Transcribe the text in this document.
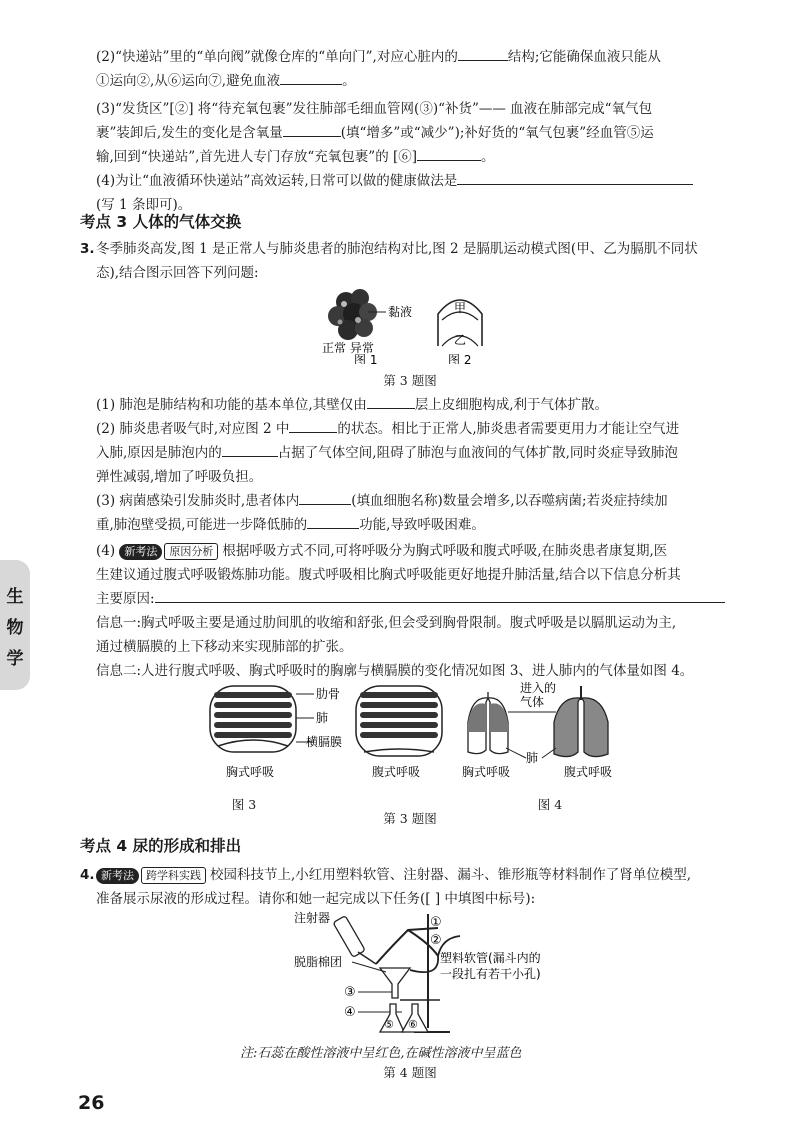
(2)“快递站”里的“单向阀”就像仓库的“单向门”,对应心脏内的	结构;它能确保血液只能从
①运向②,从⑥运向⑦,避免血液	。
(3)“发货区”[②] 将“待充氧包裹”发往肺部毛细血管网(③)“补货”—— 血液在肺部完成“氧气包
裹”装卸后,发生的变化是含氧量	(填“增多”或“减少”);补好货的“氧气包裹”经血管⑤运
输,回到“快递站”,首先进人专门存放“充氧包裹”的 [⑥]	。
(4)为让“血液循环快递站”高效运转,日常可以做的健康做法是
(写 1 条即可)。
考点 3 人体的气体交换
3. 冬季肺炎高发,图 1 是正常人与肺炎患者的肺泡结构对比,图 2 是膈肌运动模式图(甲、乙为膈肌不同状
态),结合图示回答下列问题:
黏液
正常 异常
图 1
甲
乙
图 2
第 3 题图
(1) 肺泡是肺结构和功能的基本单位,其壁仅由	层上皮细胞构成,利于气体扩散。
(2) 肺炎患者吸气时,对应图 2 中	的状态。相比于正常人,肺炎患者需要更用力才能让空气进
入肺,原因是肺泡内的	占据了气体空间,阻碍了肺泡与血液间的气体扩散,同时炎症导致肺泡
弹性减弱,增加了呼吸负担。
(3) 病菌感染引发肺炎时,患者体内	(填血细胞名称)数量会增多,以吞噬病菌;若炎症持续加
重,肺泡壁受损,可能进一步降低肺的	功能,导致呼吸困难。
(4) 新考法 原因分析 根据呼吸方式不同,可将呼吸分为胸式呼吸和腹式呼吸,在肺炎患者康复期,医
生建议通过腹式呼吸锻炼肺功能。腹式呼吸相比胸式呼吸能更好地提升肺活量,结合以下信息分析其
主要原因:
信息一:胸式呼吸主要是通过肋间肌的收缩和舒张,但会受到胸骨限制。腹式呼吸是以膈肌运动为主,
通过横膈膜的上下移动来实现肺部的扩张。
信息二:人进行腹式呼吸、胸式呼吸时的胸廓与横膈膜的变化情况如图 3、进人肺内的气体量如图 4。
肋骨
肺
横膈膜
胸式呼吸	腹式呼吸
进入的
气体
肺
胸式呼吸	腹式呼吸
图 3	图 4
第 3 题图
考点 4 尿的形成和排出
4. 新考法 跨学科实践 校园科技节上,小红用塑料软管、注射器、漏斗、锥形瓶等材料制作了肾单位模型,
准备展示尿液的形成过程。请你和她一起完成以下任务([ ] 中填图中标号):
注射器
脱脂棉团
③
④
⑤ ⑥
①
②
塑料软管(漏斗内的
一段扎有若干小孔)
注:石蕊在酸性溶液中呈红色,在碱性溶液中呈蓝色
第 4 题图
生
物
学
26
